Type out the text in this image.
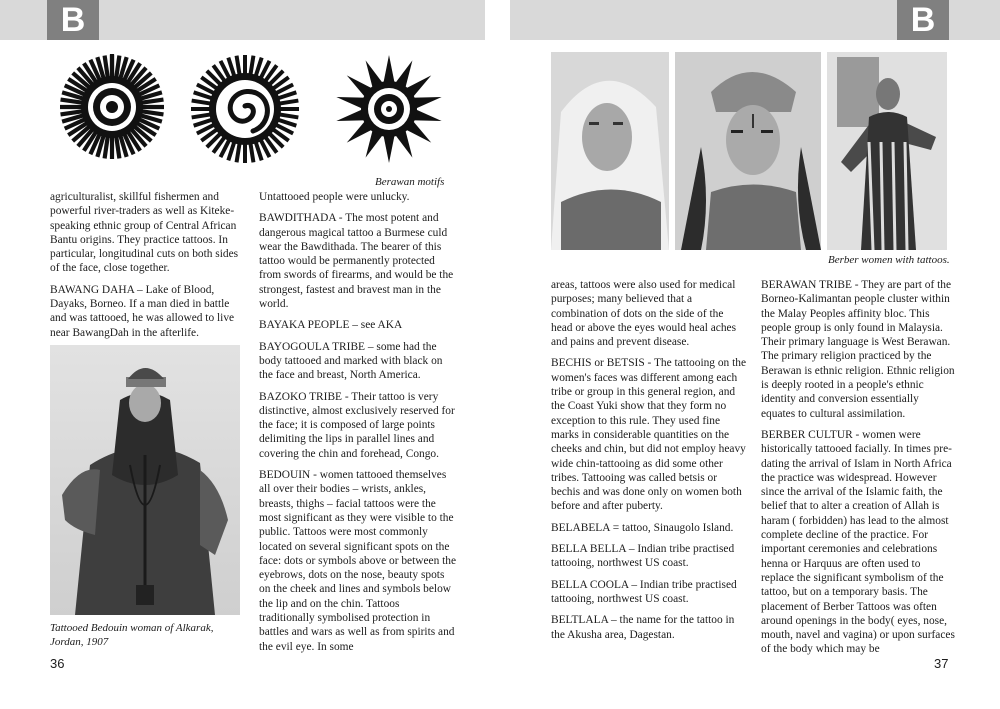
B	B
Berawan motifs

agriculturalist, skillful fishermen and powerful river-traders as well as Kiteke-speaking ethnic group of Central African Bantu origins. They practice tattoos. In particular, longitudinal cuts on both sides of the face, close together.

BAWANG DAHA – Lake of Blood, Dayaks, Borneo. If a man died in battle and was tattooed, he was allowed to live near BawangDah in the afterlife.

Tattooed Bedouin woman of Alkarak,
Jordan, 1907

Untattooed people were unlucky.

BAWDITHADA - The most potent and dangerous magical tattoo a Burmese culd wear the Bawdithada. The bearer of this tattoo would be permanently protected from swords of firearms, and would be the strongest, fastest and bravest man in the world.

BAYAKA PEOPLE – see AKA

BAYOGOULA TRIBE – some had the body tattooed and marked with black on the face and breast, North America.

BAZOKO TRIBE - Their tattoo is very distinctive, almost exclusively reserved for the face; it is composed of large points delimiting the lips in parallel lines and covering the chin and forehead, Congo.

BEDOUIN - women tattooed themselves all over their bodies – wrists, ankles, breasts, thighs – facial tattoos were the most significant as they were visible to the public. Tattoos were most commonly located on several significant spots on the face: dots or symbols above or between the eyebrows, dots on the nose, beauty spots on the cheek and lines and symbols below the lip and on the chin. Tattoos traditionally symbolised protection in battles and wars as well as from spirits and the evil eye. In some

Berber women with tattoos.

areas, tattoos were also used for medical purposes; many believed that a combination of dots on the side of the head or above the eyes would heal aches and pains and prevent disease.

BECHIS or BETSIS - The tattooing on the women's faces was different among each tribe or group in this general region, and the Coast Yuki show that they form no exception to this rule. They used fine marks in considerable quantities on the cheeks and chin, but did not employ heavy wide chin-tattooing as did some other tribes. Tattooing was called betsis or bechis and was done only on women both before and after puberty.

BELABELA = tattoo, Sinaugolo Island.

BELLA BELLA – Indian tribe practised tattooing, northwest US coast.

BELLA COOLA – Indian tribe practised tattooing, northwest US coast.

BELTLALA – the name for the tattoo in the Akusha area, Dagestan.

BERAWAN TRIBE - They are part of the Borneo-Kalimantan people cluster within the Malay Peoples affinity bloc. This people group is only found in Malaysia. Their primary language is West Berawan. The primary religion practiced by the Berawan is ethnic religion. Ethnic religion is deeply rooted in a people's ethnic identity and conversion essentially equates to cultural assimilation.

BERBER CULTUR - women were historically tattooed facially. In times pre-dating the arrival of Islam in North Africa the practice was widespread. However since the arrival of the Islamic faith, the belief that to alter a creation of Allah is haram ( forbidden) has lead to the almost complete decline of the practice. For important ceremonies and celebrations henna or Harquus are often used to replace the significant symbolism of the tattoo, but on a temporary basis. The placement of Berber Tattoos was often around openings in the body( eyes, nose, mouth, navel and vagina) or upon surfaces of the body which may be

36	37
